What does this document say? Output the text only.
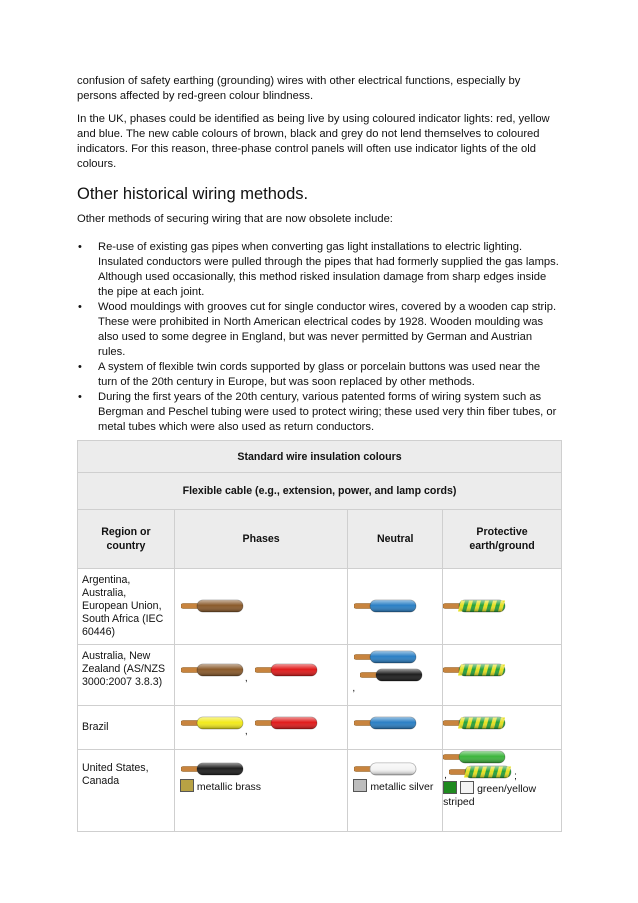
confusion of safety earthing (grounding) wires with other electrical functions, especially by persons affected by red-green colour blindness.

In the UK, phases could be identified as being live by using coloured indicator lights: red, yellow and blue. The new cable colours of brown, black and grey do not lend themselves to coloured indicators. For this reason, three-phase control panels will often use indicator lights of the old colours.

Other historical wiring methods.

Other methods of securing wiring that are now obsolete include:

• Re-use of existing gas pipes when converting gas light installations to electric lighting. Insulated conductors were pulled through the pipes that had formerly supplied the gas lamps. Although used occasionally, this method risked insulation damage from sharp edges inside the pipe at each joint.
• Wood mouldings with grooves cut for single conductor wires, covered by a wooden cap strip. These were prohibited in North American electrical codes by 1928. Wooden moulding was also used to some degree in England, but was never permitted by German and Austrian rules.
• A system of flexible twin cords supported by glass or porcelain buttons was used near the turn of the 20th century in Europe, but was soon replaced by other methods.
• During the first years of the 20th century, various patented forms of wiring system such as Bergman and Peschel tubing were used to protect wiring; these used very thin fiber tubes, or metal tubes which were also used as return conductors.
Standard wire insulation colours			
Flexible cable (e.g., extension, power, and lamp cords)			
Region or country	Phases	Neutral	Protective earth/ground
Argentina, Australia, European Union, South Africa (IEC 60446)	

Australia, New Zealand (AS/NZS 3000:2007 3.8.3)	,	,

Brazil	,

United States, Canada	metallic brass	metallic silver	, ;
green/yellow striped
